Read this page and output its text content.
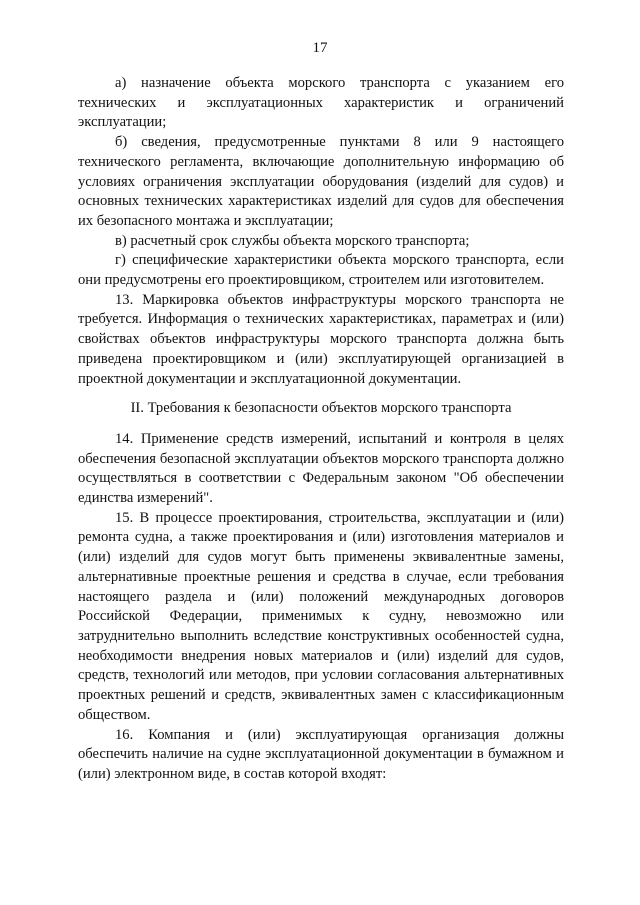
17

а) назначение объекта морского транспорта с указанием его технических и эксплуатационных характеристик и ограничений эксплуатации;

б) сведения, предусмотренные пунктами 8 или 9 настоящего технического регламента, включающие дополнительную информацию об условиях ограничения эксплуатации оборудования (изделий для судов) и основных технических характеристиках изделий для судов для обеспечения их безопасного монтажа и эксплуатации;

в) расчетный срок службы объекта морского транспорта;

г) специфические характеристики объекта морского транспорта, если они предусмотрены его проектировщиком, строителем или изготовителем.

13. Маркировка объектов инфраструктуры морского транспорта не требуется. Информация о технических характеристиках, параметрах и (или) свойствах объектов инфраструктуры морского транспорта должна быть приведена проектировщиком и (или) эксплуатирующей организацией в проектной документации и эксплуатационной документации.

II. Требования к безопасности объектов морского транспорта

14. Применение средств измерений, испытаний и контроля в целях обеспечения безопасной эксплуатации объектов морского транспорта должно осуществляться в соответствии с Федеральным законом "Об обеспечении единства измерений".

15. В процессе проектирования, строительства, эксплуатации и (или) ремонта судна, а также проектирования и (или) изготовления материалов и (или) изделий для судов могут быть применены эквивалентные замены, альтернативные проектные решения и средства в случае, если требования настоящего раздела и (или) положений международных договоров Российской Федерации, применимых к судну, невозможно или затруднительно выполнить вследствие конструктивных особенностей судна, необходимости внедрения новых материалов и (или) изделий для судов, средств, технологий или методов, при условии согласования альтернативных проектных решений и средств, эквивалентных замен с классификационным обществом.

16. Компания и (или) эксплуатирующая организация должны обеспечить наличие на судне эксплуатационной документации в бумажном и (или) электронном виде, в состав которой входят:
